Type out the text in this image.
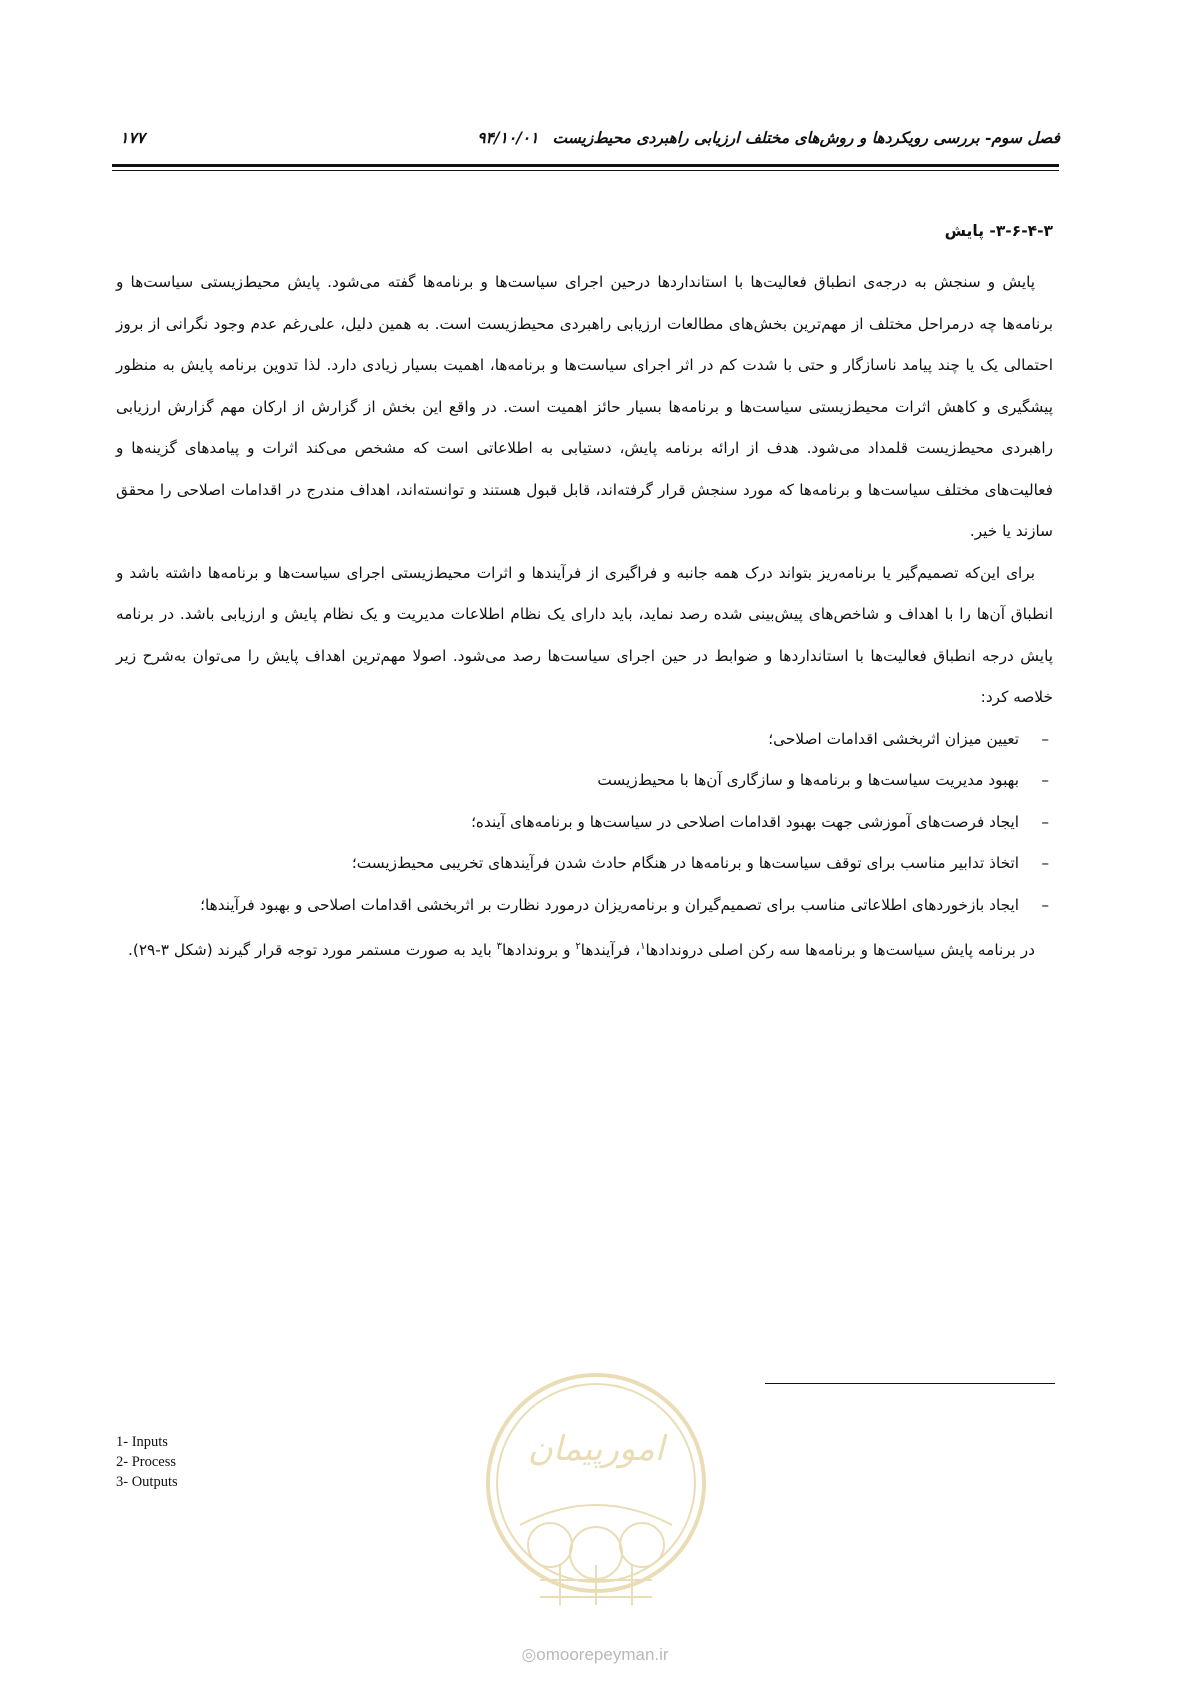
فصل سوم- بررسی رویکردها و روش‌های مختلف ارزیابی راهبردی محیط‌زیست۹۴/۱۰/۰۱
۱۷۷
۳-۶-۴-۳- پایش

پایش و سنجش به درجه‌ی انطباق فعالیت‌ها با استانداردها درحین اجرای سیاست‌ها و برنامه‌ها گفته می‌شود. پایش محیط‌زیستی سیاست‌ها و برنامه‌ها چه درمراحل مختلف از مهم‌ترین بخش‌های مطالعات ارزیابی راهبردی محیط‌زیست است. به همین دلیل، علی‌رغم عدم وجود نگرانی از بروز احتمالی یک یا چند پیامد ناسازگار و حتی با شدت کم در اثر اجرای سیاست‌ها و برنامه‌ها، اهمیت بسیار زیادی دارد. لذا تدوین برنامه پایش به منظور پیشگیری و کاهش اثرات محیط‌زیستی سیاست‌ها و برنامه‌ها بسیار حائز اهمیت است. در واقع این بخش از گزارش از ارکان مهم گزارش ارزیابی راهبردی محیط‌زیست قلمداد می‌شود. هدف از ارائه برنامه پایش، دستیابی به اطلاعاتی است که مشخص می‌کند اثرات و پیامدهای گزینه‌ها و فعالیت‌های مختلف سیاست‌ها و برنامه‌ها که مورد سنجش قرار گرفته‌اند، قابل قبول هستند و توانسته‌اند، اهداف مندرج در اقدامات اصلاحی را محقق سازند یا خیر.

برای این‌که تصمیم‌گیر یا برنامه‌ریز بتواند درک همه جانبه و فراگیری از فرآیندها و اثرات محیط‌زیستی اجرای سیاست‌ها و برنامه‌ها داشته باشد و انطباق آن‌ها را با اهداف و شاخص‌های پیش‌بینی شده رصد نماید، باید دارای یک نظام اطلاعات مدیریت و یک نظام پایش و ارزیابی باشد. در برنامه پایش درجه انطباق فعالیت‌ها با استانداردها و ضوابط در حین اجرای سیاست‌ها رصد می‌شود. اصولا مهم‌ترین اهداف پایش را می‌توان به‌شرح زیر خلاصه کرد:

– تعیین میزان اثربخشی اقدامات اصلاحی؛
– بهبود مدیریت سیاست‌ها و برنامه‌ها و سازگاری آن‌ها با محیط‌زیست
– ایجاد فرصت‌های آموزشی جهت بهبود اقدامات اصلاحی در سیاست‌ها و برنامه‌های آینده؛
– اتخاذ تدابیر مناسب برای توقف سیاست‌ها و برنامه‌ها در هنگام حادث شدن فرآیندهای تخریبی محیط‌زیست؛
– ایجاد بازخوردهای اطلاعاتی مناسب برای تصمیم‌گیران و برنامه‌ریزان درمورد نظارت بر اثربخشی اقدامات اصلاحی و بهبود فرآیندها؛

در برنامه پایش سیاست‌ها و برنامه‌ها سه رکن اصلی دروندادها$^۱$، فرآیندها$^۲$ و بروندادها$^۳$ باید به صورت مستمر مورد توجه قرار گیرند (شکل ۳-۲۹).

1- Inputs
2- Process
3- Outputs
امورپیمان
◎omoorepeyman.ir
